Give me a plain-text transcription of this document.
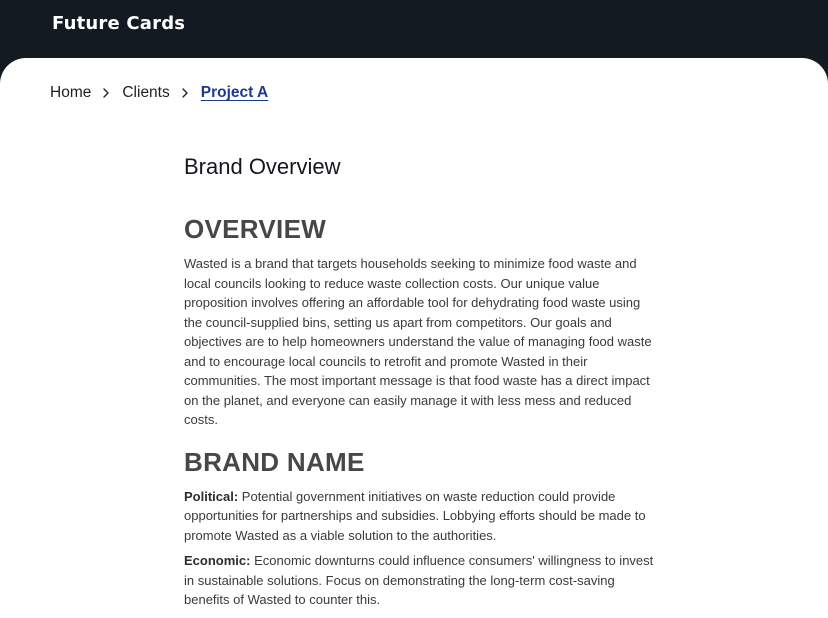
Future Cards
Home Clients Project A
Brand Overview
OVERVIEW

Wasted is a brand that targets households seeking to minimize food waste and local councils looking to reduce waste collection costs. Our unique value proposition involves offering an affordable tool for dehydrating food waste using the council-supplied bins, setting us apart from competitors. Our goals and objectives are to help homeowners understand the value of managing food waste and to encourage local councils to retrofit and promote Wasted in their communities. The most important message is that food waste has a direct impact on the planet, and everyone can easily manage it with less mess and reduced costs.

BRAND NAME

Political: Potential government initiatives on waste reduction could provide opportunities for partnerships and subsidies. Lobbying efforts should be made to promote Wasted as a viable solution to the authorities.

Economic: Economic downturns could influence consumers' willingness to invest in sustainable solutions. Focus on demonstrating the long-term cost-saving benefits of Wasted to counter this.
